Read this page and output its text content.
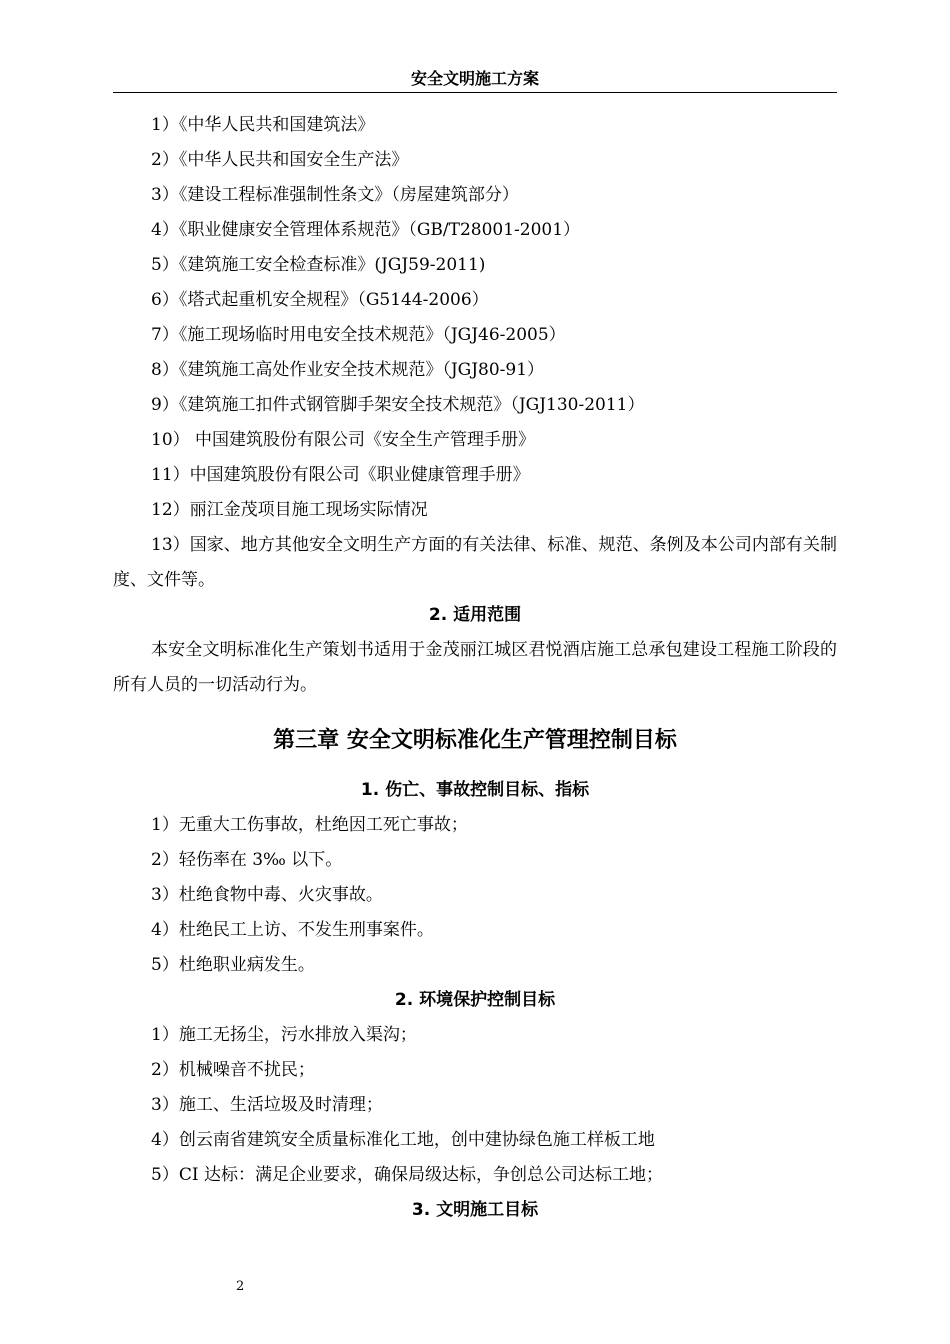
安全文明施工方案
1）《中华人民共和国建筑法》
2）《中华人民共和国安全生产法》
3）《建设工程标准强制性条文》（房屋建筑部分）
4）《职业健康安全管理体系规范》（GB/T28001-2001）
5）《建筑施工安全检查标准》(JGJ59-2011)
6）《塔式起重机安全规程》（G5144-2006）
7）《施工现场临时用电安全技术规范》（JGJ46-2005）
8）《建筑施工高处作业安全技术规范》（JGJ80-91）
9）《建筑施工扣件式钢管脚手架安全技术规范》（JGJ130-2011）
10） 中国建筑股份有限公司《安全生产管理手册》
11）中国建筑股份有限公司《职业健康管理手册》
12）丽江金茂项目施工现场实际情况
13）国家、地方其他安全文明生产方面的有关法律、标准、规范、条例及本公司内部有关制度、文件等。
2. 适用范围
本安全文明标准化生产策划书适用于金茂丽江城区君悦酒店施工总承包建设工程施工阶段的所有人员的一切活动行为。
第三章 安全文明标准化生产管理控制目标
1. 伤亡、事故控制目标、指标
1）无重大工伤事故，杜绝因工死亡事故；
2）轻伤率在 3‰ 以下。
3）杜绝食物中毒、火灾事故。
4）杜绝民工上访、不发生刑事案件。
5）杜绝职业病发生。
2. 环境保护控制目标
1）施工无扬尘，污水排放入渠沟；
2）机械噪音不扰民；
3）施工、生活垃圾及时清理；
4）创云南省建筑安全质量标准化工地，创中建协绿色施工样板工地
5）CI 达标：满足企业要求，确保局级达标，争创总公司达标工地；
3. 文明施工目标
2
